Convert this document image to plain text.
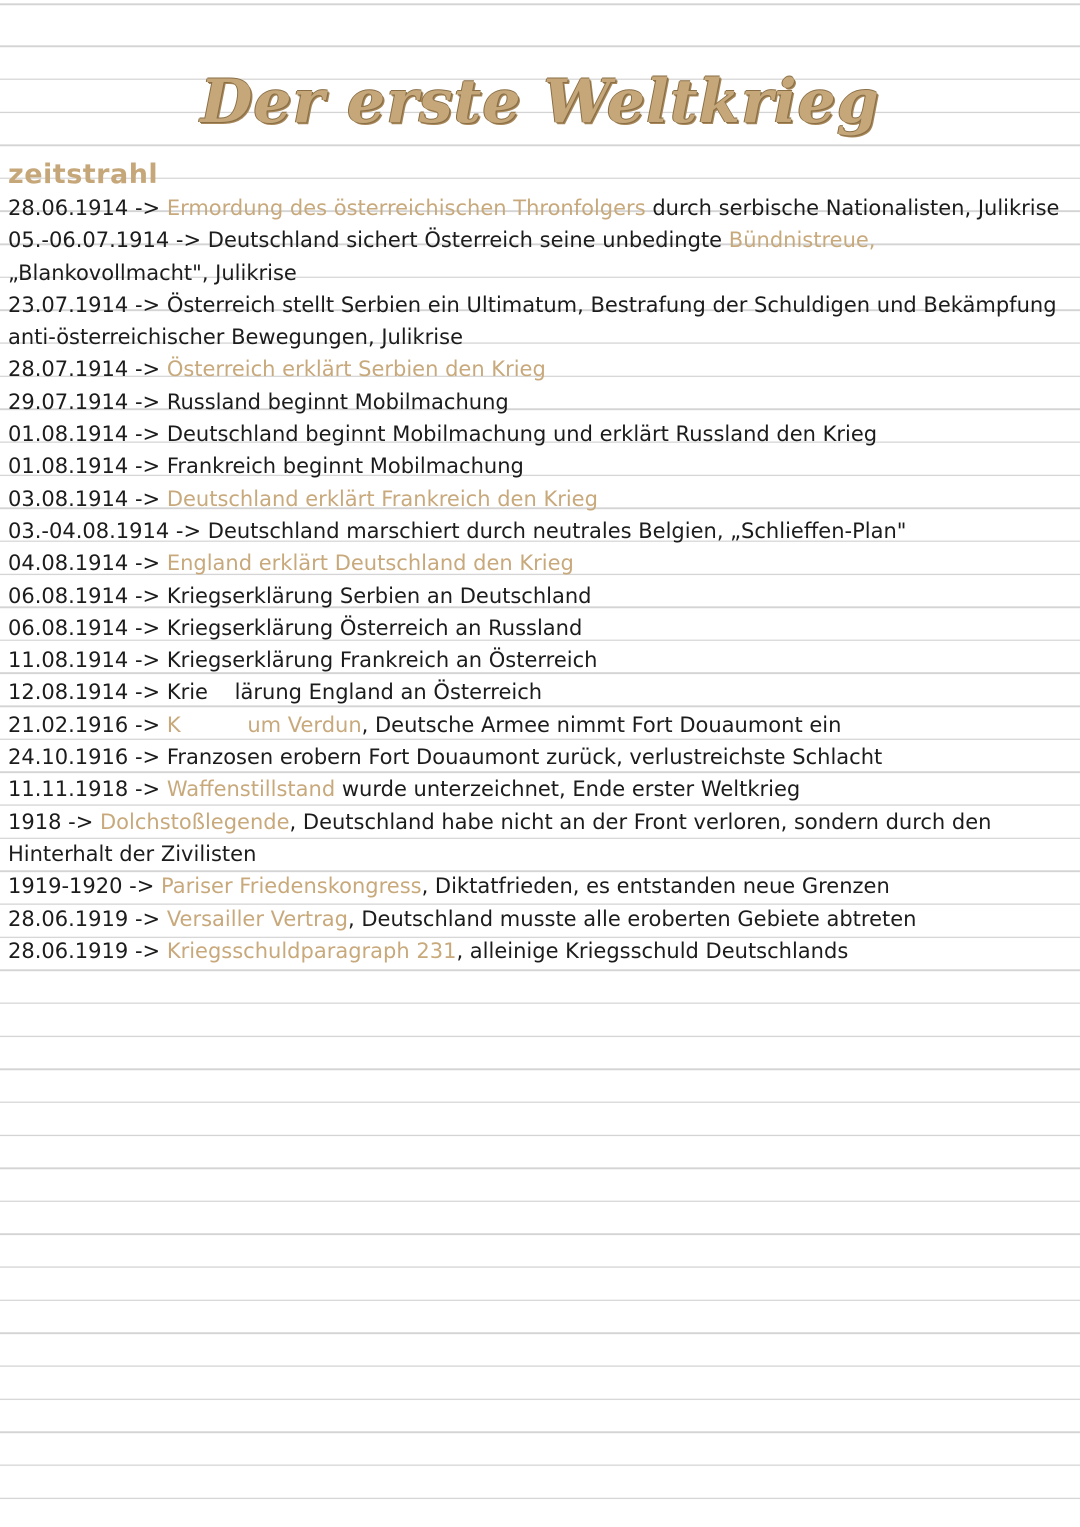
Der erste Weltkrieg
zeitstrahl
28.06.1914 -> Ermordung des österreichischen Thronfolgers durch serbische Nationalisten, Julikrise
05.-06.07.1914 -> Deutschland sichert Österreich seine unbedingte Bündnistreue, „Blankovollmacht", Julikrise
23.07.1914 -> Österreich stellt Serbien ein Ultimatum, Bestrafung der Schuldigen und Bekämpfung anti-österreichischer Bewegungen, Julikrise
28.07.1914 -> Österreich erklärt Serbien den Krieg
29.07.1914 -> Russland beginnt Mobilmachung
01.08.1914 -> Deutschland beginnt Mobilmachung und erklärt Russland den Krieg
01.08.1914 -> Frankreich beginnt Mobilmachung
03.08.1914 -> Deutschland erklärt Frankreich den Krieg
03.-04.08.1914 -> Deutschland marschiert durch neutrales Belgien, „Schlieffen-Plan"
04.08.1914 -> England erklärt Deutschland den Krieg
06.08.1914 -> Kriegserklärung Serbien an Deutschland
06.08.1914 -> Kriegserklärung Österreich an Russland
11.08.1914 -> Kriegserklärung Frankreich an Österreich
12.08.1914 -> Krie    lärung England an Österreich
21.02.1916 -> K          um Verdun, Deutsche Armee nimmt Fort Douaumont ein
24.10.1916 -> Franzosen erobern Fort Douaumont zurück, verlustreichste Schlacht
11.11.1918 -> Waffenstillstand wurde unterzeichnet, Ende erster Weltkrieg
1918 -> Dolchstoßlegende, Deutschland habe nicht an der Front verloren, sondern durch den Hinterhalt der Zivilisten
1919-1920 -> Pariser Friedenskongress, Diktatfrieden, es entstanden neue Grenzen
28.06.1919 -> Versailler Vertrag, Deutschland musste alle eroberten Gebiete abtreten
28.06.1919 -> Kriegsschuldparagraph 231, alleinige Kriegsschuld Deutschlands
